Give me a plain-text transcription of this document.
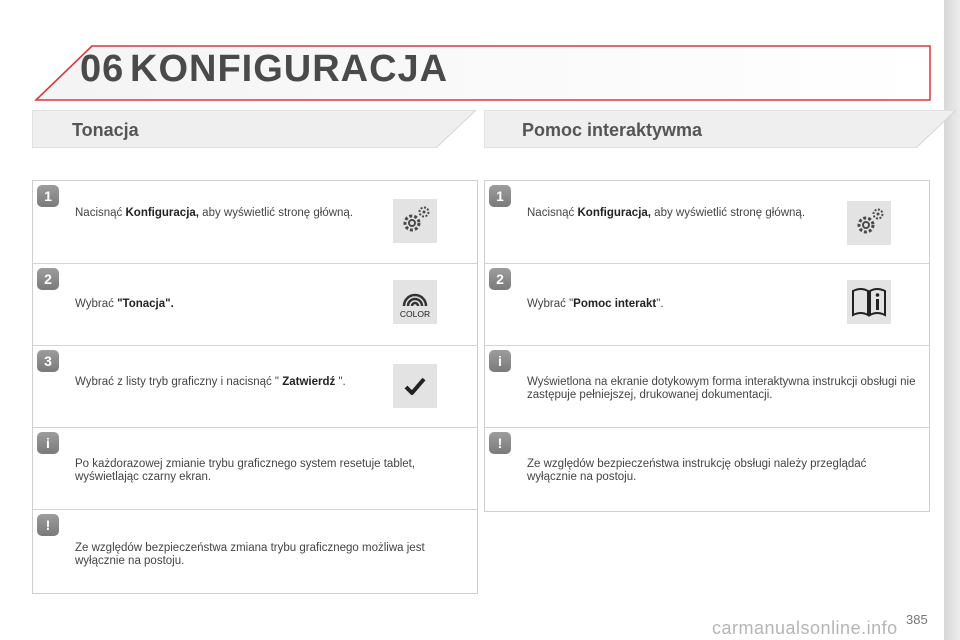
06 KONFIGURACJA
Tonacja	Pomoc interaktywma
1
Nacisnąć Konfiguracja, aby wyświetlić stronę główną.
2
Wybrać "Tonacja".
COLOR
3
Wybrać z listy tryb graficzny i nacisnąć " Zatwierdź ".
i
Po każdorazowej zmianie trybu graficznego system resetuje tablet, wyświetlając czarny ekran.
!
Ze względów bezpieczeństwa zmiana trybu graficznego możliwa jest wyłącznie na postoju.
1
Nacisnąć Konfiguracja, aby wyświetlić stronę główną.
2
Wybrać "Pomoc interakt".
i
Wyświetlona na ekranie dotykowym forma interaktywna instrukcji obsługi nie zastępuje pełniejszej, drukowanej dokumentacji.
!
Ze względów bezpieczeństwa instrukcję obsługi należy przeglądać wyłącznie na postoju.
carmanualsonline.info 385
